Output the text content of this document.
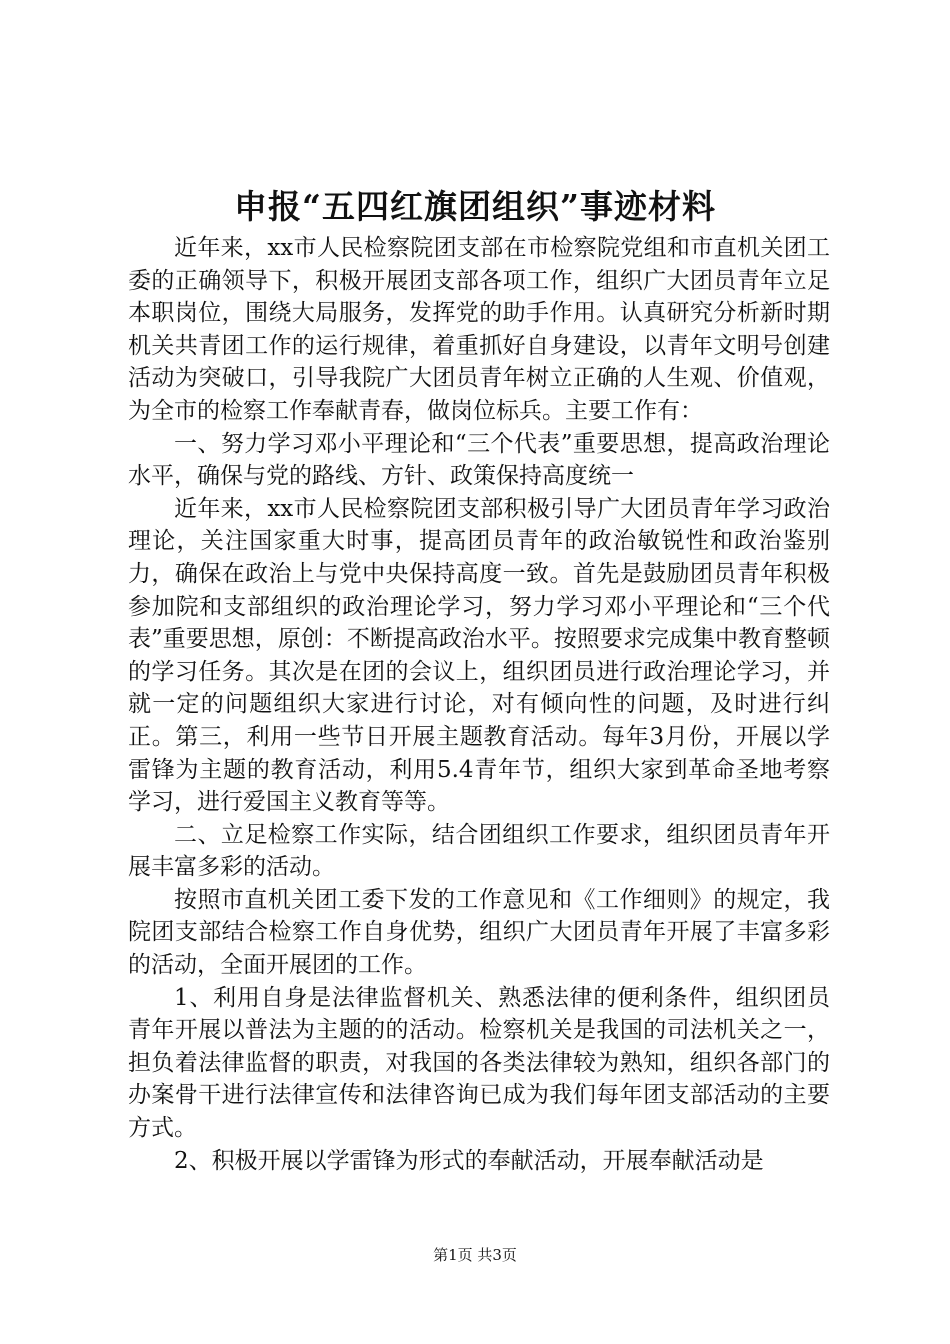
申报“五四红旗团组织”事迹材料

近年来，xx市人民检察院团支部在市检察院党组和市直机关团工委的正确领导下，积极开展团支部各项工作，组织广大团员青年立足本职岗位，围绕大局服务，发挥党的助手作用。认真研究分析新时期机关共青团工作的运行规律，着重抓好自身建设，以青年文明号创建活动为突破口，引导我院广大团员青年树立正确的人生观、价值观，为全市的检察工作奉献青春，做岗位标兵。主要工作有：

一、努力学习邓小平理论和“三个代表”重要思想，提高政治理论水平，确保与党的路线、方针、政策保持高度统一

近年来，xx市人民检察院团支部积极引导广大团员青年学习政治理论，关注国家重大时事，提高团员青年的政治敏锐性和政治鉴别力，确保在政治上与党中央保持高度一致。首先是鼓励团员青年积极参加院和支部组织的政治理论学习，努力学习邓小平理论和“三个代表”重要思想，原创：不断提高政治水平。按照要求完成集中教育整顿的学习任务。其次是在团的会议上，组织团员进行政治理论学习，并就一定的问题组织大家进行讨论，对有倾向性的问题，及时进行纠正。第三，利用一些节日开展主题教育活动。每年3月份，开展以学雷锋为主题的教育活动，利用5.4青年节，组织大家到革命圣地考察学习，进行爱国主义教育等等。

二、立足检察工作实际，结合团组织工作要求，组织团员青年开展丰富多彩的活动。

按照市直机关团工委下发的工作意见和《工作细则》的规定，我院团支部结合检察工作自身优势，组织广大团员青年开展了丰富多彩的活动，全面开展团的工作。

1、利用自身是法律监督机关、熟悉法律的便利条件，组织团员青年开展以普法为主题的的活动。检察机关是我国的司法机关之一，担负着法律监督的职责，对我国的各类法律较为熟知，组织各部门的办案骨干进行法律宣传和法律咨询已成为我们每年团支部活动的主要方式。

2、积极开展以学雷锋为形式的奉献活动，开展奉献活动是

第1页 共3页
